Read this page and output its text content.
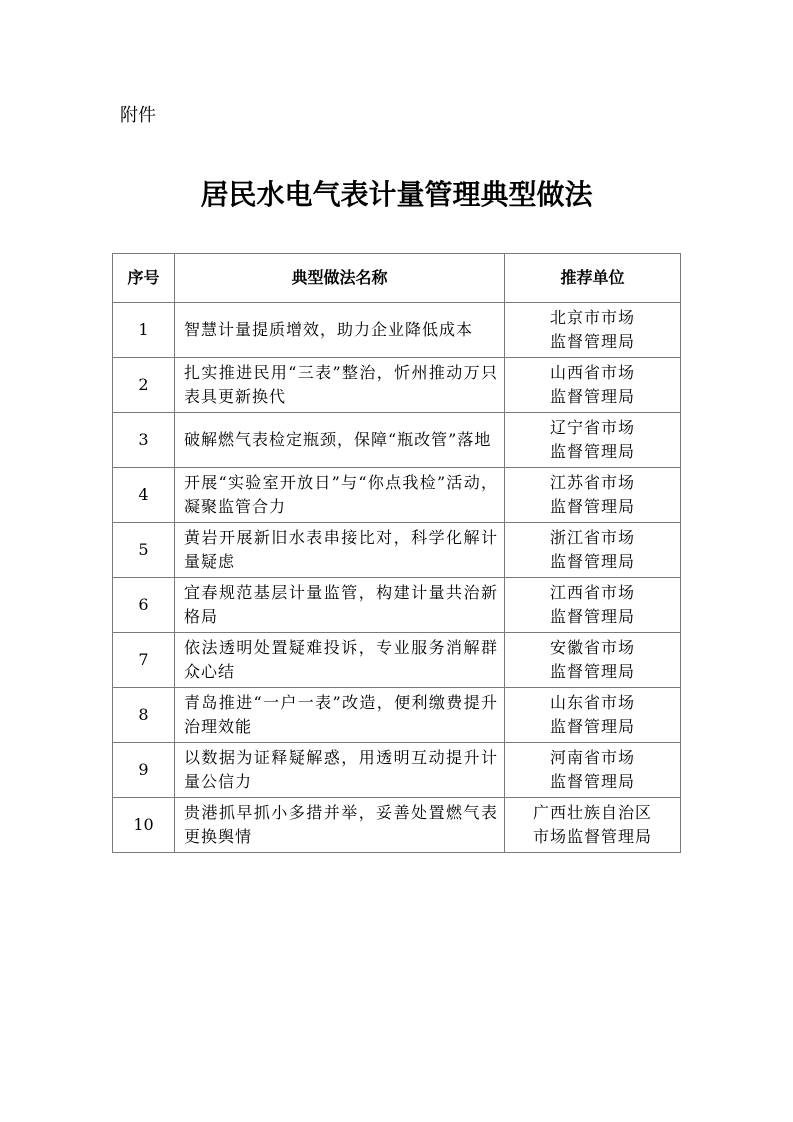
附件
居民水电气表计量管理典型做法
序号	典型做法名称	推荐单位
1	智慧计量提质增效，助力企业降低成本	北京市市场
监督管理局

2	扎实推进民用“三表”整治，忻州推动万只表具更新换代	山西省市场
监督管理局

3	破解燃气表检定瓶颈，保障“瓶改管”落地	辽宁省市场
监督管理局

4	开展“实验室开放日”与“你点我检”活动，凝聚监管合力	江苏省市场
监督管理局

5	黄岩开展新旧水表串接比对，科学化解计量疑虑	浙江省市场
监督管理局

6	宜春规范基层计量监管，构建计量共治新格局	江西省市场
监督管理局

7	依法透明处置疑难投诉，专业服务消解群众心结	安徽省市场
监督管理局

8	青岛推进“一户一表”改造，便利缴费提升治理效能	山东省市场
监督管理局

9	以数据为证释疑解惑，用透明互动提升计量公信力	河南省市场
监督管理局

10	贵港抓早抓小多措并举，妥善处置燃气表更换舆情	广西壮族自治区
市场监督管理局
